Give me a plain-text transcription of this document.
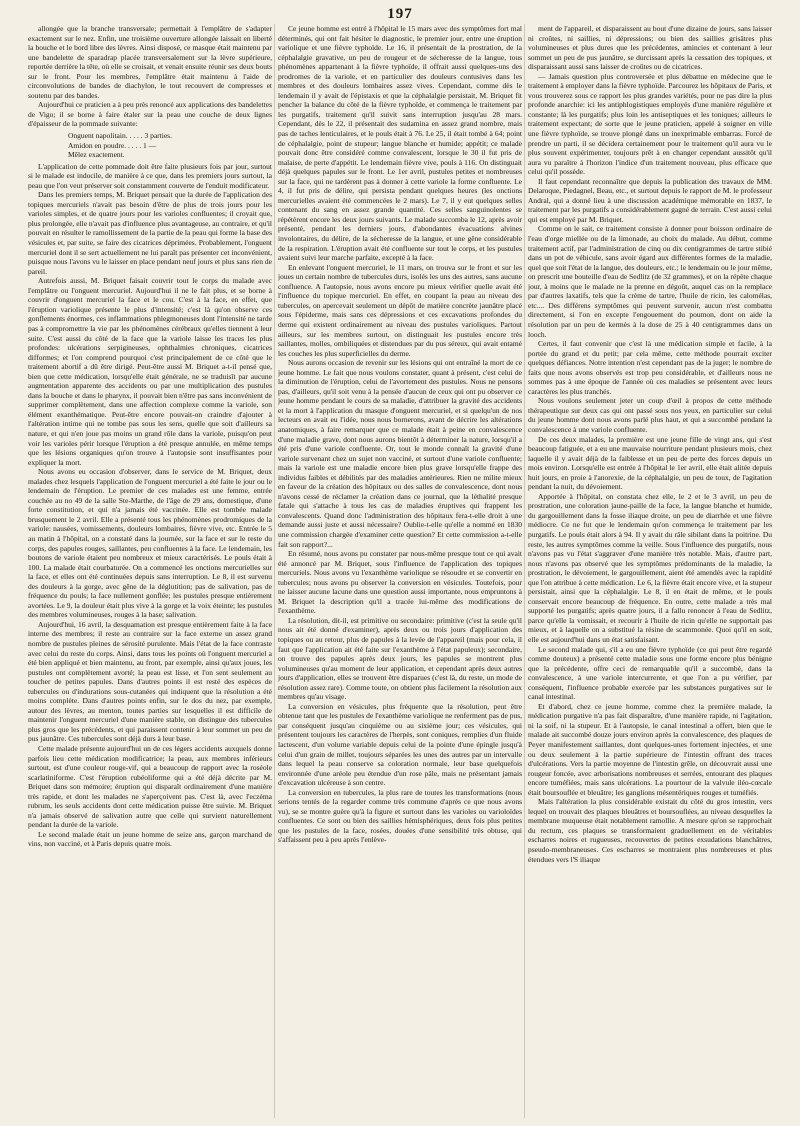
197

allongée que la branche transversale; permettait à l'emplâtre de s'adapter exactement sur le nez. Enfin, une troisième ouverture allongée laissait en liberté la bouche et le bord libre des lèvres. Ainsi disposé, ce masque était maintenu par une bandelette de sparadrap placée transversalement sur la lèvre supérieure, reportée derrière la tête, où elle se croisait, et venait ensuite réunir ses deux bouts sur le front. Pour les membres, l'emplâtre était maintenu à l'aide de circonvolutions de bandes de diachylon, le tout recouvert de compresses et soutenu par des bandes.

Aujourd'hui ce praticien a à peu près renoncé aux applications des bandelettes de Vigo; il se borne à faire étaler sur la peau une couche de deux lignes d'épaisseur de la pommade suivante:

Onguent napolitain. . . . . 3 parties.
Amidon en poudre. . . . . 1 —
Mêlez exactement.

L'application de cette pommade doit être faite plusieurs fois par jour, surtout si le malade est indocile, de manière à ce que, dans les premiers jours surtout, la peau que l'on veut préserver soit constamment couverte de l'enduit modificateur.

Dans les premiers temps, M. Briquet pensait que la durée de l'application des topiques mercuriels n'avait pas besoin d'être de plus de trois jours pour les varioles simples, et de quatre jours pour les varioles confluentes; il croyait que, plus prolongée, elle n'avait pas d'influence plus avantageuse, au contraire, et qu'il pouvait en résulter le ramollissement de la partie de la peau qui forme la base des vésicules et, par suite, se faire des cicatrices déprimées. Probablement, l'onguent mercuriel dont il se sert actuellement ne lui paraît pas présenter cet inconvénient, puisque nous l'avons vu le laisser en place pendant neuf jours et plus sans rien de pareil.

Autrefois aussi, M. Briquet faisait couvrir tout le corps du malade avec l'emplâtre ou l'onguent mercuriel. Aujourd'hui il ne le fait plus, et se borne à couvrir d'onguent mercuriel la face et le cou. C'est à la face, en effet, que l'éruption variolique présente le plus d'intensité; c'est là qu'on observe ces gonflements énormes, ces inflammations phlegmoneuses dont l'intensité ne tarde pas à compromettre la vie par les phénomènes cérébraux qu'elles tiennent à leur suite. C'est aussi du côté de la face que la variole laisse les traces les plus profondes: ulcérations serpigineuses, ophthalmies chroniques, cicatrices difformes; et l'on comprend pourquoi c'est principalement de ce côté que le traitement abortif a dû être dirigé. Peut-être aussi M. Briquet a-t-il pensé que, bien que cette médication, lorsqu'elle était générale, ne se traduisît par aucune augmentation apparente des accidents ou par une multiplication des pustules dans la bouche et dans le pharynx, il pouvait bien n'être pas sans inconvénient de supprimer complètement, dans une affection complexe comme la variole, son élément exanthématique. Peut-être encore pouvait-on craindre d'ajouter à l'altération intime qui ne tombe pas sous les sens, quelle que soit d'ailleurs sa nature, et qui n'en joue pas moins un grand rôle dans la variole, puisqu'on peut voir les varioles périr lorsque l'éruption a été presque annulée, en même temps que les lésions organiques qu'on trouve à l'autopsie sont insuffisantes pour expliquer la mort.

Nous avons eu occasion d'observer, dans le service de M. Briquet, deux malades chez lesquels l'application de l'onguent mercuriel a été faite le jour ou le lendemain de l'éruption. Le premier de ces malades est une femme, entrée couchée au no 49 de la salle Ste-Marthe, de l'âge de 29 ans, domestique, d'une forte constitution, et qui n'a jamais été vaccinée. Elle est tombée malade brusquement le 2 avril. Elle a présenté tous les phénomènes prodromiques de la variole: nausées, vomissements, douleurs lombaires, fièvre vive, etc. Entrée le 5 au matin à l'hôpital, on a constaté dans la journée, sur la face et sur le reste du corps, des papules rouges, saillantes, peu confluentes à la face. Le lendemain, les boutons de variole étaient peu nombreux et mieux caractérisés. Le pouls était à 100. La malade était courbaturée. On a commencé les onctions mercurielles sur la face, et elles ont été continuées depuis sans interruption. Le 8, il est survenu des douleurs à la gorge, avec gêne de la déglutition; pas de salivation, pas de fréquence du pouls; la face nullement gonflée; les pustules presque entièrement avortées. Le 9, la douleur était plus vive à la gorge et la voix éteinte; les pustules des membres volumineuses, rouges à la base; salivation.

Aujourd'hui, 16 avril, la desquamation est presque entièrement faite à la face interne des membres; il reste au contraire sur la face externe un assez grand nombre de pustules pleines de sérosité purulente. Mais l'état de la face contraste avec celui du reste du corps. Ainsi, dans tous les points où l'onguent mercuriel a été bien appliqué et bien maintenu, au front, par exemple, ainsi qu'aux joues, les pustules ont complètement avorté; la peau est lisse, et l'on sent seulement au toucher de petites papules. Dans d'autres points il est resté des espèces de tubercules ou d'indurations sous-cutanées qui indiquent que la résolution a été moins complète. Dans d'autres points enfin, sur le dos du nez, par exemple, autour des lèvres, au menton, toutes parties sur lesquelles il est difficile de maintenir l'onguent mercuriel d'une manière stable, on distingue des tubercules plus gros que les précédents, et qui paraissent contenir à leur sommet un peu de pus jaunâtre. Ces tubercules sont déjà durs à leur base.

Cette malade présente aujourd'hui un de ces légers accidents auxquels donne parfois lieu cette médication modificatrice; la peau, aux membres inférieurs surtout, est d'une couleur rouge-vif, qui a beaucoup de rapport avec la roséole scarlatiniforme. C'est l'éruption rubéoliforme qui a été déjà décrite par M. Briquet dans son mémoire; éruption qui disparaît ordinairement d'une manière très rapide, et dont les malades ne s'aperçoivent pas. C'est là, avec l'eczéma rubrum, les seuls accidents dont cette médication puisse être suivie. M. Briquet n'a jamais observé de salivation autre que celle qui survient naturellement pendant la durée de la variole.

Le second malade était un jeune homme de seize ans, garçon marchand de vins, non vacciné, et à Paris depuis quatre mois.

Ce jeune homme est entré à l'hôpital le 15 mars avec des symptômes fort mal déterminés, qui ont fait hésiter le diagnostic, le premier jour, entre une éruption variolique et une fièvre typhoïde. Le 16, il présentait de la prostration, de la céphalalgie gravative, un peu de rougeur et de sécheresse de la langue, tous phénomènes appartenant à la fièvre typhoïde, il offrait aussi quelques-uns des prodromes de la variole, et en particulier des douleurs contusives dans les membres et des douleurs lombaires assez vives. Cependant, comme dès le lendemain il y avait de l'épistaxis et que la céphalalgie persistait, M. Briquet fit pencher la balance du côté de la fièvre typhoïde, et commença le traitement par les purgatifs, traitement qu'il suivit sans interruption jusqu'au 28 mars. Cependant, dès le 22, il présentait des sudamina en assez grand nombre, mais pas de taches lenticulaires, et le pouls était à 76. Le 25, il était tombé à 64; point de céphalalgie, point de stupeur; langue blanche et humide; appétit; ce malade pouvait donc être considéré comme convalescent, lorsque le 30 il fut pris de malaise, de perte d'appétit. Le lendemain fièvre vive, pouls à 116. On distinguait déjà quelques papules sur le front. Le 1er avril, pustules petites et nombreuses sur la face, qui ne tardèrent pas à donner à cette variole la forme confluente. Le 4, il fut pris de délire, qui persista pendant quelques heures (les onctions mercurielles avaient été commencées le 2 mars). Le 7, il y eut quelques selles contenant du sang en assez grande quantité. Ces selles sanguinolentes se répétèrent encore les deux jours suivants. Le malade succomba le 12, après avoir présenté, pendant les derniers jours, d'abondantes évacuations alvines involontaires, du délire, de la sécheresse de la langue, et une gêne considérable de la respiration. L'éruption avait été confluente sur tout le corps, et les pustules avaient suivi leur marche parfaite, excepté à la face.

En enlevant l'onguent mercuriel, le 11 mars, on trouva sur le front et sur les joues un certain nombre de tubercules durs, isolés les uns des autres, sans aucune confluence. A l'autopsie, nous avons encore pu mieux vérifier quelle avait été l'influence du topique mercuriel. En effet, en coupant la peau au niveau des tubercules, on apercevait seulement un dépôt de matière concrète jaunâtre placé sous l'épiderme, mais sans ces dépressions et ces excavations profondes du derme qui existent ordinairement au niveau des pustules varioliques. Partout ailleurs, sur les membres surtout, on distinguait les pustules encore très saillantes, molles, ombiliquées et distendues par du pus séreux, qui avait entamé les couches les plus superficielles du derme.

Nous aurons occasion de revenir sur les lésions qui ont entraîné la mort de ce jeune homme. Le fait que nous voulons constater, quant à présent, c'est celui de la diminution de l'éruption, celui de l'avortement des pustules. Nous ne pensons pas, d'ailleurs, qu'il soit venu à la pensée d'aucun de ceux qui ont pu observer ce jeune homme pendant le cours de sa maladie, d'attribuer la gravité des accidents et la mort à l'application du masque d'onguent mercuriel, et si quelqu'un de nos lecteurs en avait eu l'idée, nous nous bornerons, avant de décrire les altérations anatomiques, à faire remarquer que ce malade était à peine en convalescence d'une maladie grave, dont nous aurons bientôt à déterminer la nature, lorsqu'il a été pris d'une variole confluente. Or, tout le monde connaît la gravité d'une variole survenant chez un sujet non vacciné, et surtout d'une variole confluente; mais la variole est une maladie encore bien plus grave lorsqu'elle frappe des individus faibles et débilités par des maladies antérieures. Rien ne milite mieux en faveur de la création des hôpitaux ou des salles de convalescence, dont nous n'avons cessé de réclamer la création dans ce journal, que la léthalité presque fatale qui s'attache à tous les cas de maladies éruptives qui frappent les convalescents. Quand donc l'administration des hôpitaux fera-t-elle droit à une demande aussi juste et aussi nécessaire? Oublie-t-elle qu'elle a nommé en 1830 une commission chargée d'examiner cette question? Et cette commission a-t-elle fait son rapport?...

En résumé, nous avons pu constater par nous-même presque tout ce qui avait été annoncé par M. Briquet, sous l'influence de l'application des topiques mercuriels. Nous avons vu l'exanthème variolique se résoudre et se convertir en tubercules; nous avons pu observer la conversion en vésicules. Toutefois, pour ne laisser aucune lacune dans une question aussi importante, nous empruntons à M. Briquet la description qu'il a tracée lui-même des modifications de l'exanthème.

La résolution, dit-il, est primitive ou secondaire: primitive (c'est la seule qu'il nous ait été donné d'examiner), après deux ou trois jours d'application des topiques ou au retour, plus de papules à la levée de l'appareil (mais pour cela, il faut que l'application ait été faite sur l'exanthème à l'état papuleux); secondaire, on trouve des papules après deux jours, les papules se montrent plus volumineuses qu'au moment de leur application, et cependant après deux autres jours d'application, elles se trouvent être disparues (c'est là, du reste, un mode de résolution assez rare). Comme toute, on obtient plus facilement la résolution aux membres qu'au visage.

La conversion en vésicules, plus fréquente que la résolution, peut être obtenue tant que les pustules de l'exanthème variolique ne renferment pas de pus, par conséquent jusqu'au cinquième ou au sixième jour; ces vésicules, qui présentent toujours les caractères de l'herpès, sont coniques, remplies d'un fluide lactescent, d'un volume variable depuis celui de la pointe d'une épingle jusqu'à celui d'un grain de millet, toujours séparées les unes des autres par un intervalle dans lequel la peau conserve sa coloration normale, leur base quelquefois environnée d'une aréole peu étendue d'un rose pâle, mais ne présentant jamais d'excavation ulcéreuse à son centre.

La conversion en tubercules, la plus rare de toutes les transformations (nous serions tentés de la regarder comme très commune d'après ce que nous avons vu), se se montre guère qu'à la figure et surtout dans les varioles ou varioloïdes confluentes. Ce sont ou bien des saillies hémisphériques, deux fois plus petites que les pustules de la face, rosées, douées d'une sensibilité très obtuse, qui s'affaissent peu à peu après l'enlève-

ment de l'appareil, et disparaissent au bout d'une dizaine de jours, sans laisser ni croûtes, ni saillies, ni dépressions; ou bien des saillies grisâtres plus volumineuses et plus dures que les précédentes, amincies et contenant à leur sommet un peu de pus jaunâtre, se durcissant après la cessation des topiques, et disparaissant aussi sans laisser de croûtes ou de cicatrices.

— Jamais question plus controversée et plus débattue en médecine que le traitement à employer dans la fièvre typhoïde. Parcourez les hôpitaux de Paris, et vous trouverez sous ce rapport les plus grandes variétés, pour ne pas dire la plus profonde anarchie: ici les antiphlogistiques employés d'une manière régulière et constante; là les purgatifs; plus loin les antiseptiques et les toniques; ailleurs le traitement expectant; de sorte que le jeune praticien, appelé à soigner en ville une fièvre typhoïde, se trouve plongé dans un inexprimable embarras. Forcé de prendre un parti, il se décidera certainement pour le traitement qu'il aura vu le plus souvent expérimenter, toujours prêt à en changer cependant aussitôt qu'il aura vu paraître à l'horizon l'indice d'un traitement nouveau, plus efficace que celui qu'il possède.

Il faut cependant reconnaître que depuis la publication des travaux de MM. Delaroque, Piedagnel, Beau, etc., et surtout depuis le rapport de M. le professeur Andral, qui a donné lieu à une discussion académique mémorable en 1837, le traitement par les purgatifs a considérablement gagné de terrain. C'est aussi celui qui est employé par M. Briquet.

Comme on le sait, ce traitement consiste à donner pour boisson ordinaire de l'eau d'orge miellée ou de la limonade, au choix du malade. Au début, comme traitement actif, par l'administration de cinq ou dix centigrammes de tartre stibié dans un pot de véhicule, sans avoir égard aux différentes formes de la maladie, quel que soit l'état de la langue, des douleurs, etc.; le lendemain ou le jour même, on prescrit une bouteille d'eau de Sedlitz (de 32 grammes), et on la répète chaque jour, à moins que le malade ne la prenne en dégoût, auquel cas on la remplace par d'autres laxatifs, tels que la crème de tartre, l'huile de ricin, les calomélas, etc.... Des différens symptômes qui peuvent survenir, aucun n'est combattu directement, si l'on en excepte l'engouement du poumon, dont on aide la résolution par un peu de kermès à la dose de 25 à 40 centigrammes dans un looch.

Certes, il faut convenir que c'est là une médication simple et facile, à la portée du grand et du petit; par cela même, cette méthode pourrait exciter quelques défiances. Notre intention n'est cependant pas de la juger; le nombre de faits que nous avons observés est trop peu considérable, et d'ailleurs nous ne sommes pas à une époque de l'année où ces maladies se présentent avec leurs caractères les plus tranchés.

Nous voulons seulement jeter un coup d'œil à propos de cette méthode thérapeutique sur deux cas qui ont passé sous nos yeux, en particulier sur celui du jeune homme dont nous avons parlé plus haut, et qui a succombé pendant la convalescence à une variole confluente.

De ces deux malades, la première est une jeune fille de vingt ans, qui s'est beaucoup fatiguée, et a eu une mauvaise nourriture pendant plusieurs mois, chez laquelle il y avait déjà de la faiblesse et un peu de perte des forces depuis un mois environ. Lorsqu'elle est entrée à l'hôpital le 1er avril, elle était alitée depuis huit jours, en proie à l'anorexie, de la céphalalgie, un peu de toux, de l'agitation pendant la nuit, du dévoiement.

Apportée à l'hôpital, on constata chez elle, le 2 et le 3 avril, un peu de prostration, une coloration jaune-paille de la face, la langue blanche et humide, du gargouillement dans la fosse iliaque droite, un peu de diarrhée et une fièvre médiocre. Ce ne fut que le lendemain qu'on commença le traitement par les purgatifs. Le pouls était alors à 94. Il y avait du râle sibilant dans la poitrine. Du reste, les autres symptômes comme la veille. Sous l'influence des purgatifs, nous n'avons pas vu l'état s'aggraver d'une manière très notable. Mais, d'autre part, nous n'avons pas observé que les symptômes prédominants de la maladie, la prostration, le dévoiement, le gargouillement, aient été amendés avec la rapidité que l'on attribue à cette médication. Le 6, la fièvre était encore vive, et la stupeur persistait, ainsi que la céphalalgie. Le 8, il en était de même, et le pouls conservait encore beaucoup de fréquence. En outre, cette malade a très mal supporté les purgatifs; après quatre jours, il a fallu renoncer à l'eau de Sedlitz, parce qu'elle la vomissait, et recourir à l'huile de ricin qu'elle ne supportait pas mieux, et à laquelle on a substitué la résine de scammonée. Quoi qu'il en soit, elle est aujourd'hui dans un état satisfaisant.

Le second malade qui, s'il a eu une fièvre typhoïde (ce qui peut être regardé comme douteux) a présenté cette maladie sous une forme encore plus bénigne que la précédente, offre ceci de remarquable qu'il a succombé, dans la convalescence, à une variole intercurrente, et que l'on a pu vérifier, par conséquent, l'influence probable exercée par les substances purgatives sur le canal intestinal.

Et d'abord, chez ce jeune homme, comme chez la première malade, la médication purgative n'a pas fait disparaître, d'une manière rapide, ni l'agitation, ni la soif, ni la stupeur. Et à l'autopsie, le canal intestinal a offert, bien que le malade ait succombé douze jours environ après la convalescence, des plaques de Peyer manifestement saillantes, dont quelques-unes fortement injectées, et une ou deux seulement à la partie supérieure de l'intestin offrant des traces d'ulcérations. Vers la partie moyenne de l'intestin grêle, on découvrait aussi une rougeur foncée, avec arborisations nombreuses et serrées, entourant des plaques encore tuméfiées, mais sans ulcérations. La pourtour de la valvule iléo-cœcale était boursouflée et bleuâtre; les ganglions mésentériques rouges et tuméfiés.

Mais l'altération la plus considérable existait du côté du gros intestin, vers lequel on trouvait des plaques bleuâtres et boursouflées, au niveau desquelles la membrane muqueuse était notablement ramollie. A mesure qu'on se rapprochait du rectum, ces plaques se transformaient graduellement en de véritables escharres noires et rugueuses, recouvertes de petites exsudations blanchâtres, pseudo-membraneuses. Ces escharres se montraient plus nombreuses et plus étendues vers l'S iliaque
